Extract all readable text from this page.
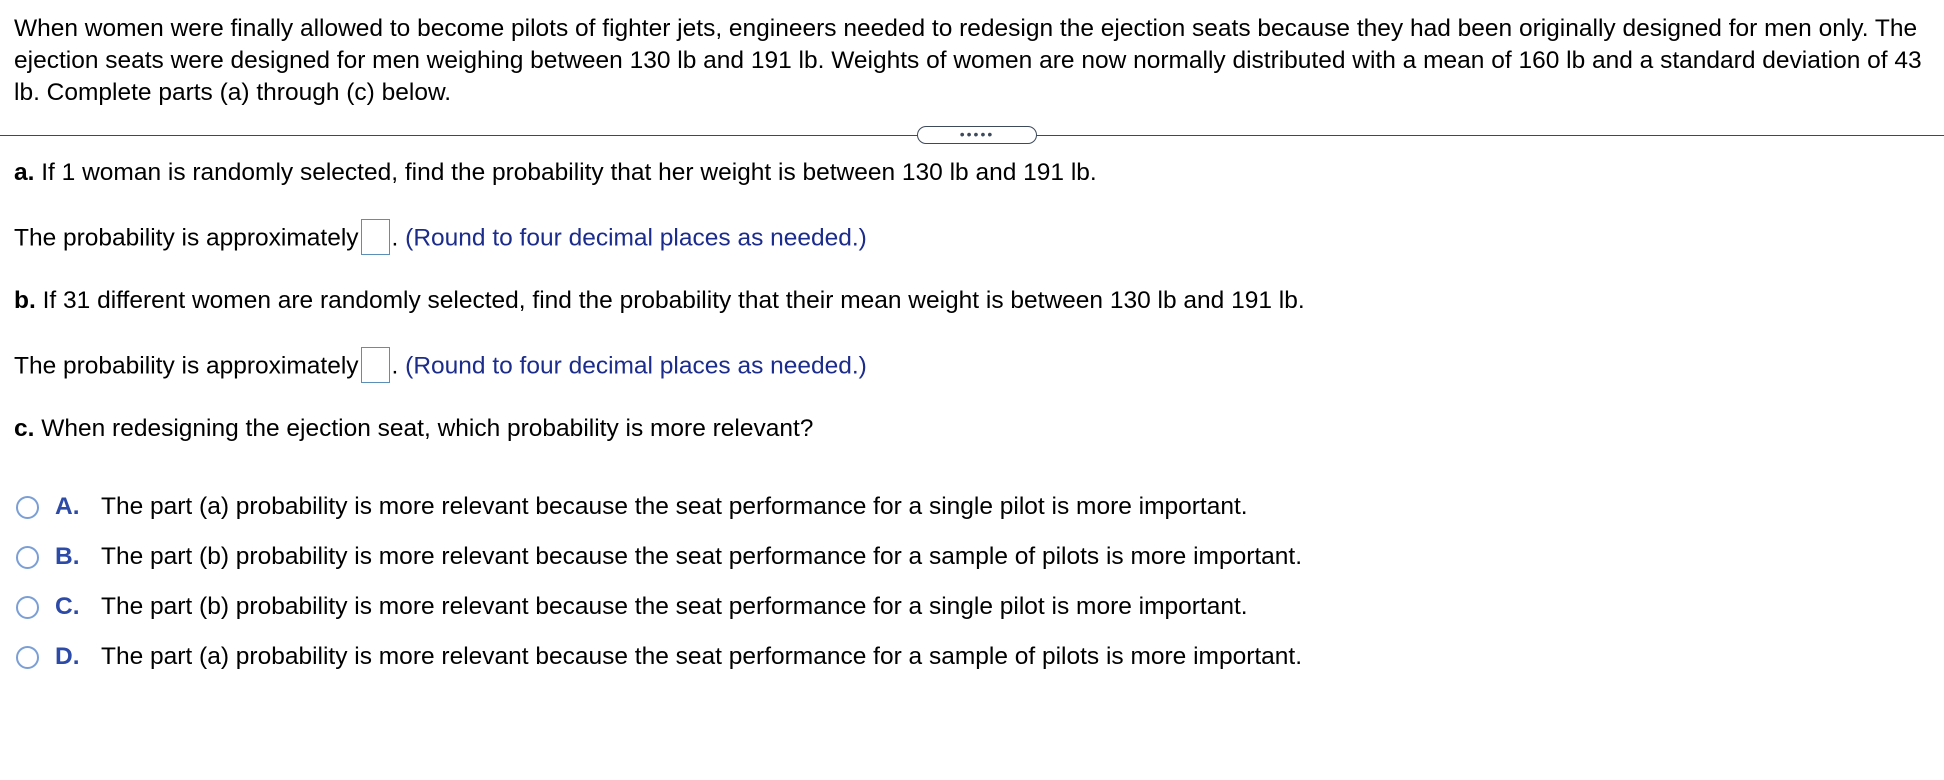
When women were finally allowed to become pilots of fighter jets, engineers needed to redesign the ejection seats because they had been originally designed for men only. The ejection seats were designed for men weighing between 130 lb and 191 lb. Weights of women are now normally distributed with a mean of 160 lb and a standard deviation of 43 lb. Complete parts (a) through (c) below.

•••••
a. If 1 woman is randomly selected, find the probability that her weight is between 130 lb and 191 lb.
The probability is approximately . (Round to four decimal places as needed.)
b. If 31 different women are randomly selected, find the probability that their mean weight is between 130 lb and 191 lb.
The probability is approximately . (Round to four decimal places as needed.)
c. When redesigning the ejection seat, which probability is more relevant?
A. The part (a) probability is more relevant because the seat performance for a single pilot is more important.
B. The part (b) probability is more relevant because the seat performance for a sample of pilots is more important.
C. The part (b) probability is more relevant because the seat performance for a single pilot is more important.
D. The part (a) probability is more relevant because the seat performance for a sample of pilots is more important.
